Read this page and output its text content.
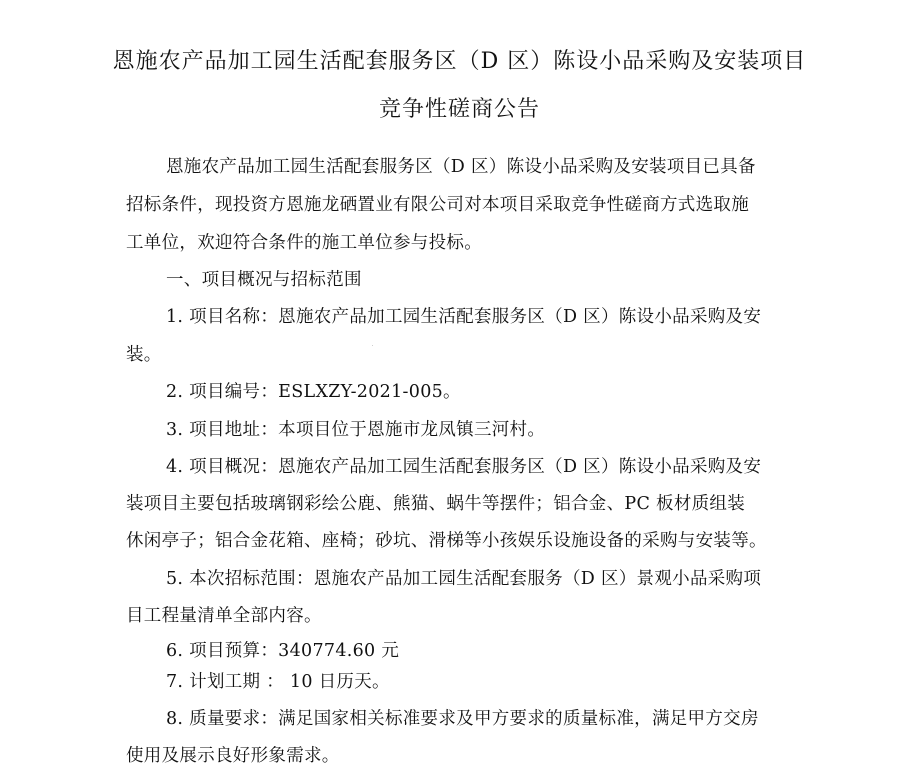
恩施农产品加工园生活配套服务区（D 区）陈设小品采购及安装项目
竞争性磋商公告
恩施农产品加工园生活配套服务区（D 区）陈设小品采购及安装项目已具备
招标条件，现投资方恩施龙硒置业有限公司对本项目采取竞争性磋商方式选取施
工单位，欢迎符合条件的施工单位参与投标。
一、项目概况与招标范围
1. 项目名称：恩施农产品加工园生活配套服务区（D 区）陈设小品采购及安
装。
2. 项目编号：ESLXZY-2021-005。
3. 项目地址：本项目位于恩施市龙凤镇三河村。
4. 项目概况：恩施农产品加工园生活配套服务区（D 区）陈设小品采购及安
装项目主要包括玻璃钢彩绘公鹿、熊猫、蜗牛等摆件；铝合金、PC 板材质组装
休闲亭子；铝合金花箱、座椅；砂坑、滑梯等小孩娱乐设施设备的采购与安装等。
5. 本次招标范围：恩施农产品加工园生活配套服务（D 区）景观小品采购项
目工程量清单全部内容。
6. 项目预算：340774.60 元
7. 计划工期 ： 10 日历天。
8. 质量要求：满足国家相关标准要求及甲方要求的质量标准，满足甲方交房
使用及展示良好形象需求。
